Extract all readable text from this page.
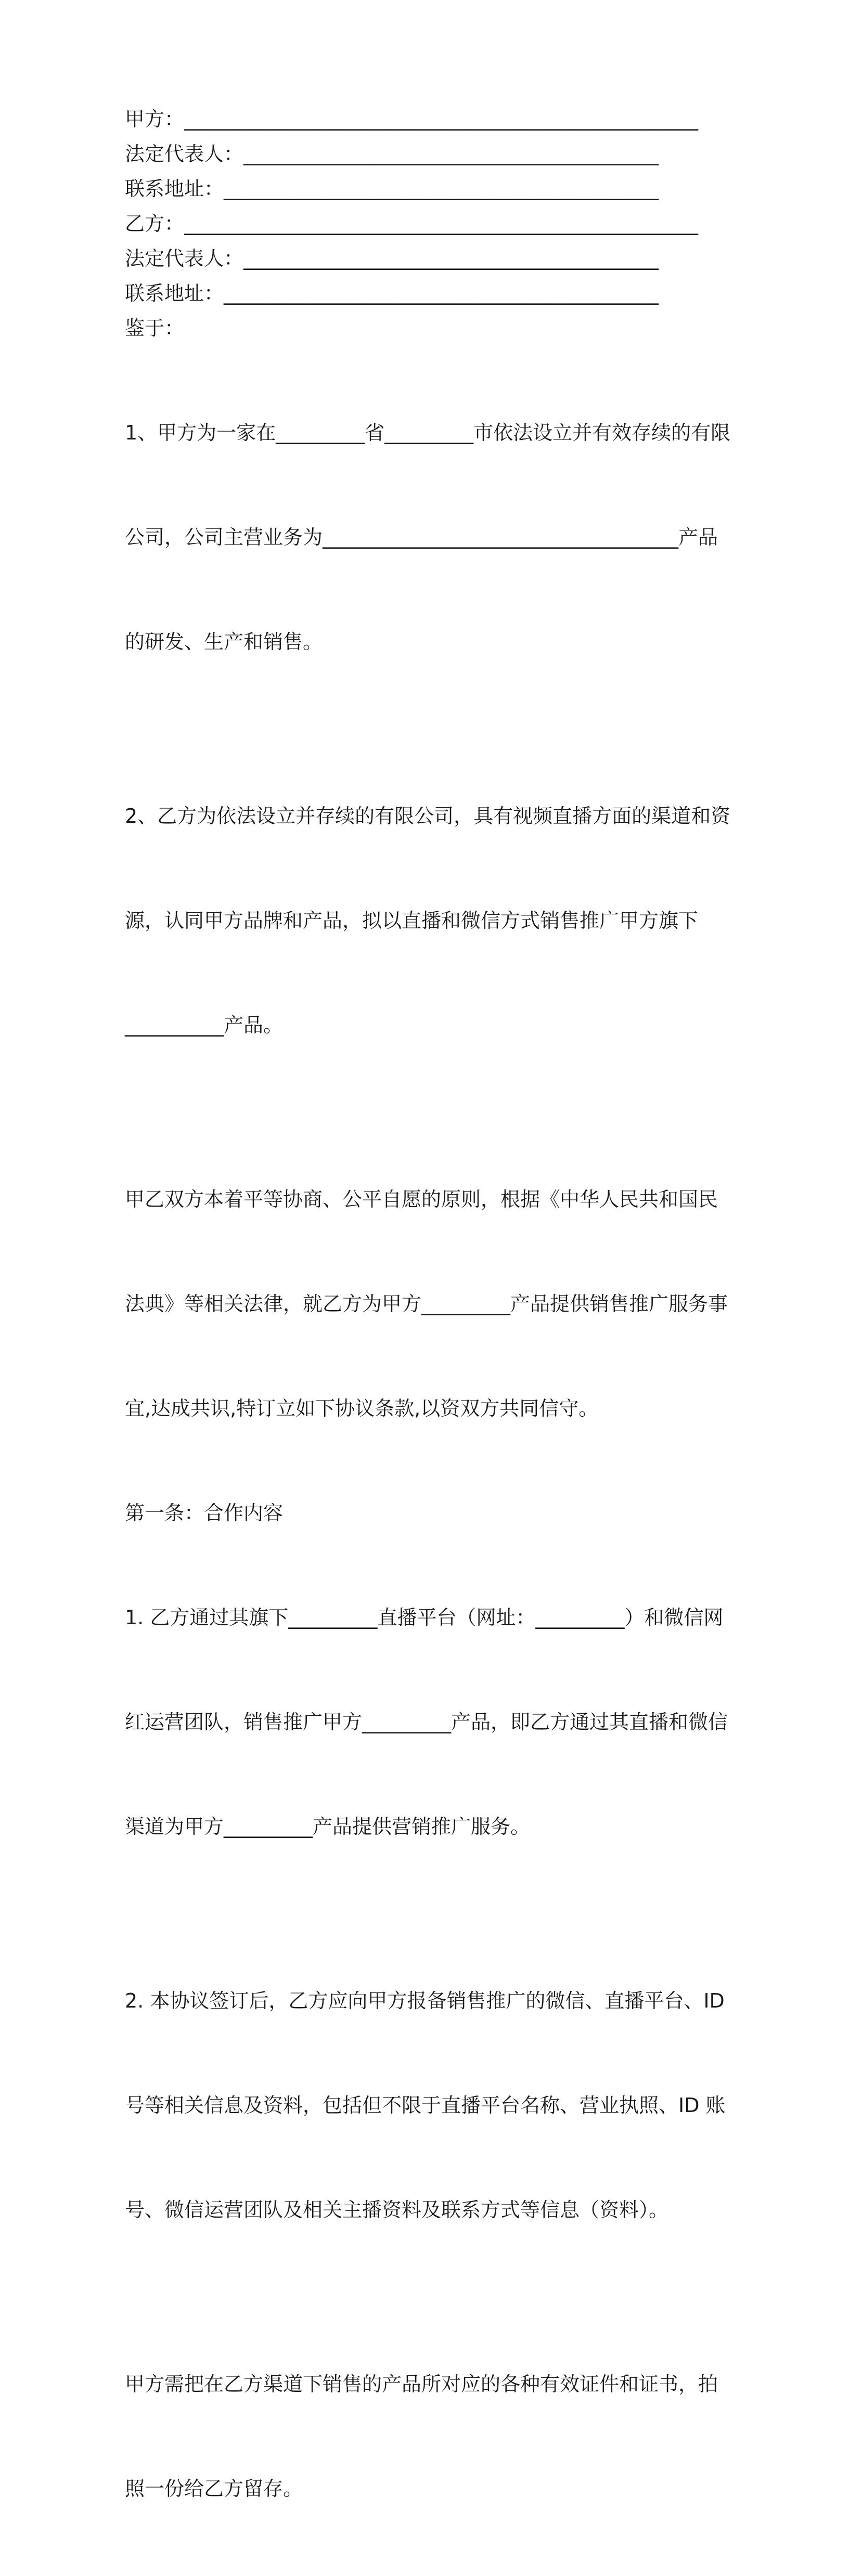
甲方：____________________________________________________
法定代表人：__________________________________________
联系地址：____________________________________________
乙方：____________________________________________________
法定代表人：__________________________________________
联系地址：____________________________________________
鉴于：

1、甲方为一家在_________省_________市依法设立并有效存续的有限

公司，公司主营业务为____________________________________产品

的研发、生产和销售。

2、乙方为依法设立并存续的有限公司，具有视频直播方面的渠道和资

源，认同甲方品牌和产品，拟以直播和微信方式销售推广甲方旗下

__________产品。

甲乙双方本着平等协商、公平自愿的原则，根据《中华人民共和国民

法典》等相关法律，就乙方为甲方_________产品提供销售推广服务事

宜,达成共识,特订立如下协议条款,以资双方共同信守。

第一条：合作内容

1. 乙方通过其旗下_________直播平台（网址：_________）和微信网

红运营团队，销售推广甲方_________产品，即乙方通过其直播和微信

渠道为甲方_________产品提供营销推广服务。

2. 本协议签订后，乙方应向甲方报备销售推广的微信、直播平台、ID

号等相关信息及资料，包括但不限于直播平台名称、营业执照、ID 账

号、微信运营团队及相关主播资料及联系方式等信息（资料）。

甲方需把在乙方渠道下销售的产品所对应的各种有效证件和证书，拍

照一份给乙方留存。
